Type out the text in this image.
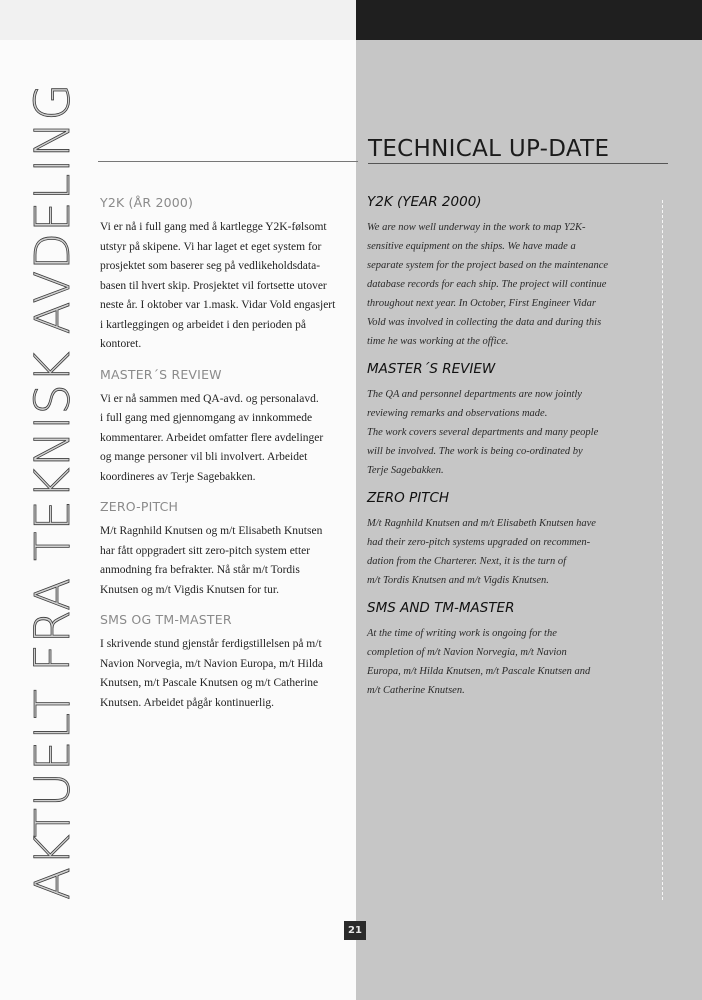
AKTUELT FRA TEKNISK AVDELING	TECHNICAL UP-DATE
Y2K (ÅR 2000)

Vi er nå i full gang med å kartlegge Y2K-følsomt
utstyr på skipene. Vi har laget et eget system for
prosjektet som baserer seg på vedlikeholdsdata-
basen til hvert skip. Prosjektet vil fortsette utover
neste år. I oktober var 1.mask. Vidar Vold engasjert
i kartleggingen og arbeidet i den perioden på
kontoret.

MASTER´S REVIEW

Vi er nå sammen med QA-avd. og personalavd.
i full gang med gjennomgang av innkommede
kommentarer. Arbeidet omfatter flere avdelinger
og mange personer vil bli involvert. Arbeidet
koordineres av Terje Sagebakken.

ZERO-PITCH

M/t Ragnhild Knutsen og m/t Elisabeth Knutsen
har fått oppgradert sitt zero-pitch system etter
anmodning fra befrakter. Nå står m/t Tordis
Knutsen og m/t Vigdis Knutsen for tur.

SMS OG TM-MASTER

I skrivende stund gjenstår ferdigstillelsen på m/t
Navion Norvegia, m/t Navion Europa, m/t Hilda
Knutsen, m/t Pascale Knutsen og m/t Catherine
Knutsen. Arbeidet pågår kontinuerlig.

Y2K (YEAR 2000)

We are now well underway in the work to map Y2K-
sensitive equipment on the ships. We have made a
separate system for the project based on the maintenance
database records for each ship. The project will continue
throughout next year. In October, First Engineer Vidar
Vold was involved in collecting the data and during this
time he was working at the office.

MASTER´S REVIEW

The QA and personnel departments are now jointly
reviewing remarks and observations made.
The work covers several departments and many people
will be involved. The work is being co-ordinated by
Terje Sagebakken.

ZERO PITCH

M/t Ragnhild Knutsen and m/t Elisabeth Knutsen have
had their zero-pitch systems upgraded on recommen-
dation from the Charterer. Next, it is the turn of
m/t Tordis Knutsen and m/t Vigdis Knutsen.

SMS AND TM-MASTER

At the time of writing work is ongoing for the
completion of m/t Navion Norvegia, m/t Navion
Europa, m/t Hilda Knutsen, m/t Pascale Knutsen and
m/t Catherine Knutsen.

21
